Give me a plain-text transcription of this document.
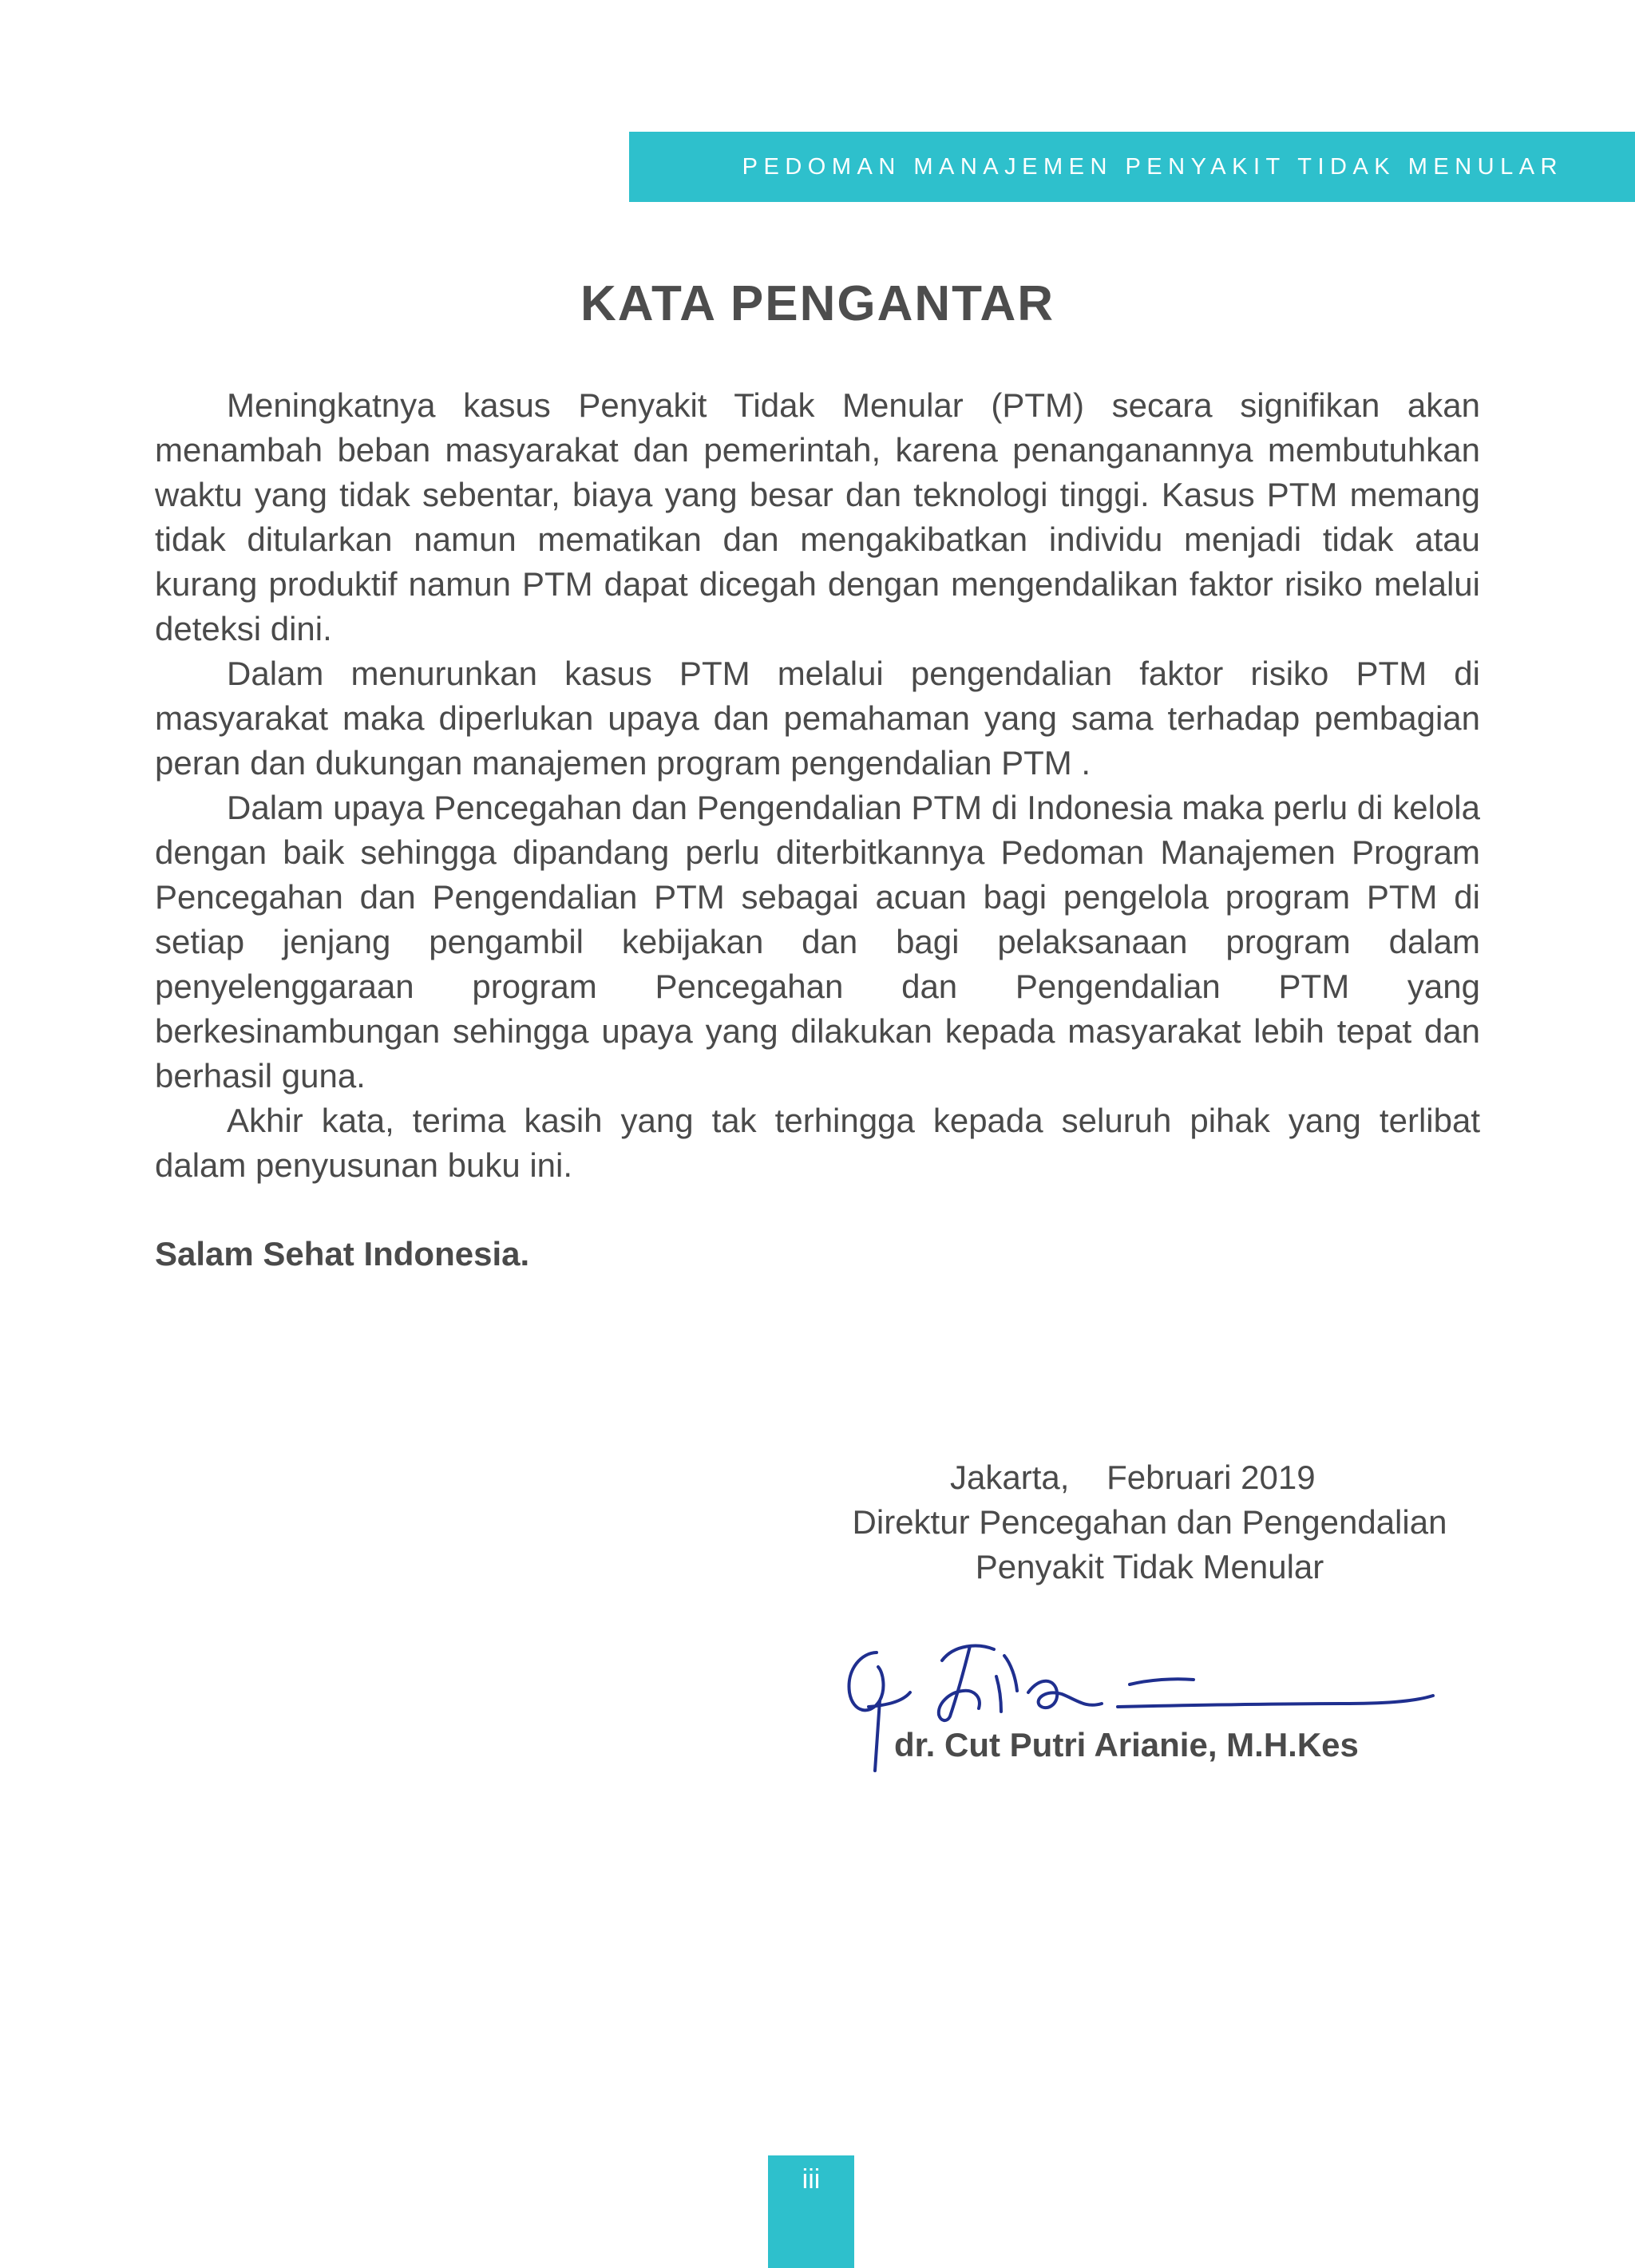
PEDOMAN MANAJEMEN PENYAKIT TIDAK MENULAR
KATA PENGANTAR

Meningkatnya kasus Penyakit Tidak Menular (PTM) secara signifikan akan menambah beban masyarakat dan pemerintah, karena penanganannya membutuhkan waktu yang tidak sebentar, biaya yang besar dan teknologi tinggi. Kasus PTM memang tidak ditularkan namun mematikan dan mengakibatkan individu menjadi tidak atau kurang produktif namun PTM dapat dicegah dengan mengendalikan faktor risiko melalui deteksi dini.

Dalam menurunkan kasus PTM melalui pengendalian faktor risiko PTM di masyarakat maka diperlukan upaya dan pemahaman yang sama terhadap pembagian peran dan dukungan manajemen program pengendalian PTM .

Dalam upaya Pencegahan dan Pengendalian PTM di Indonesia maka perlu di kelola dengan baik sehingga dipandang perlu diterbitkannya Pedoman Manajemen Program Pencegahan dan Pengendalian PTM sebagai acuan bagi pengelola program PTM di setiap jenjang pengambil kebijakan dan bagi pelaksanaan program dalam penyelenggaraan program Pencegahan dan Pengendalian PTM yang berkesinambungan sehingga upaya yang dilakukan kepada masyarakat lebih tepat dan berhasil guna.

Akhir kata, terima kasih yang tak terhingga kepada seluruh pihak yang terlibat dalam penyusunan buku ini.

Salam Sehat Indonesia.
Jakarta,    Februari 2019
Direktur Pencegahan dan Pengendalian
Penyakit Tidak Menular
dr. Cut Putri Arianie, M.H.Kes
iii
